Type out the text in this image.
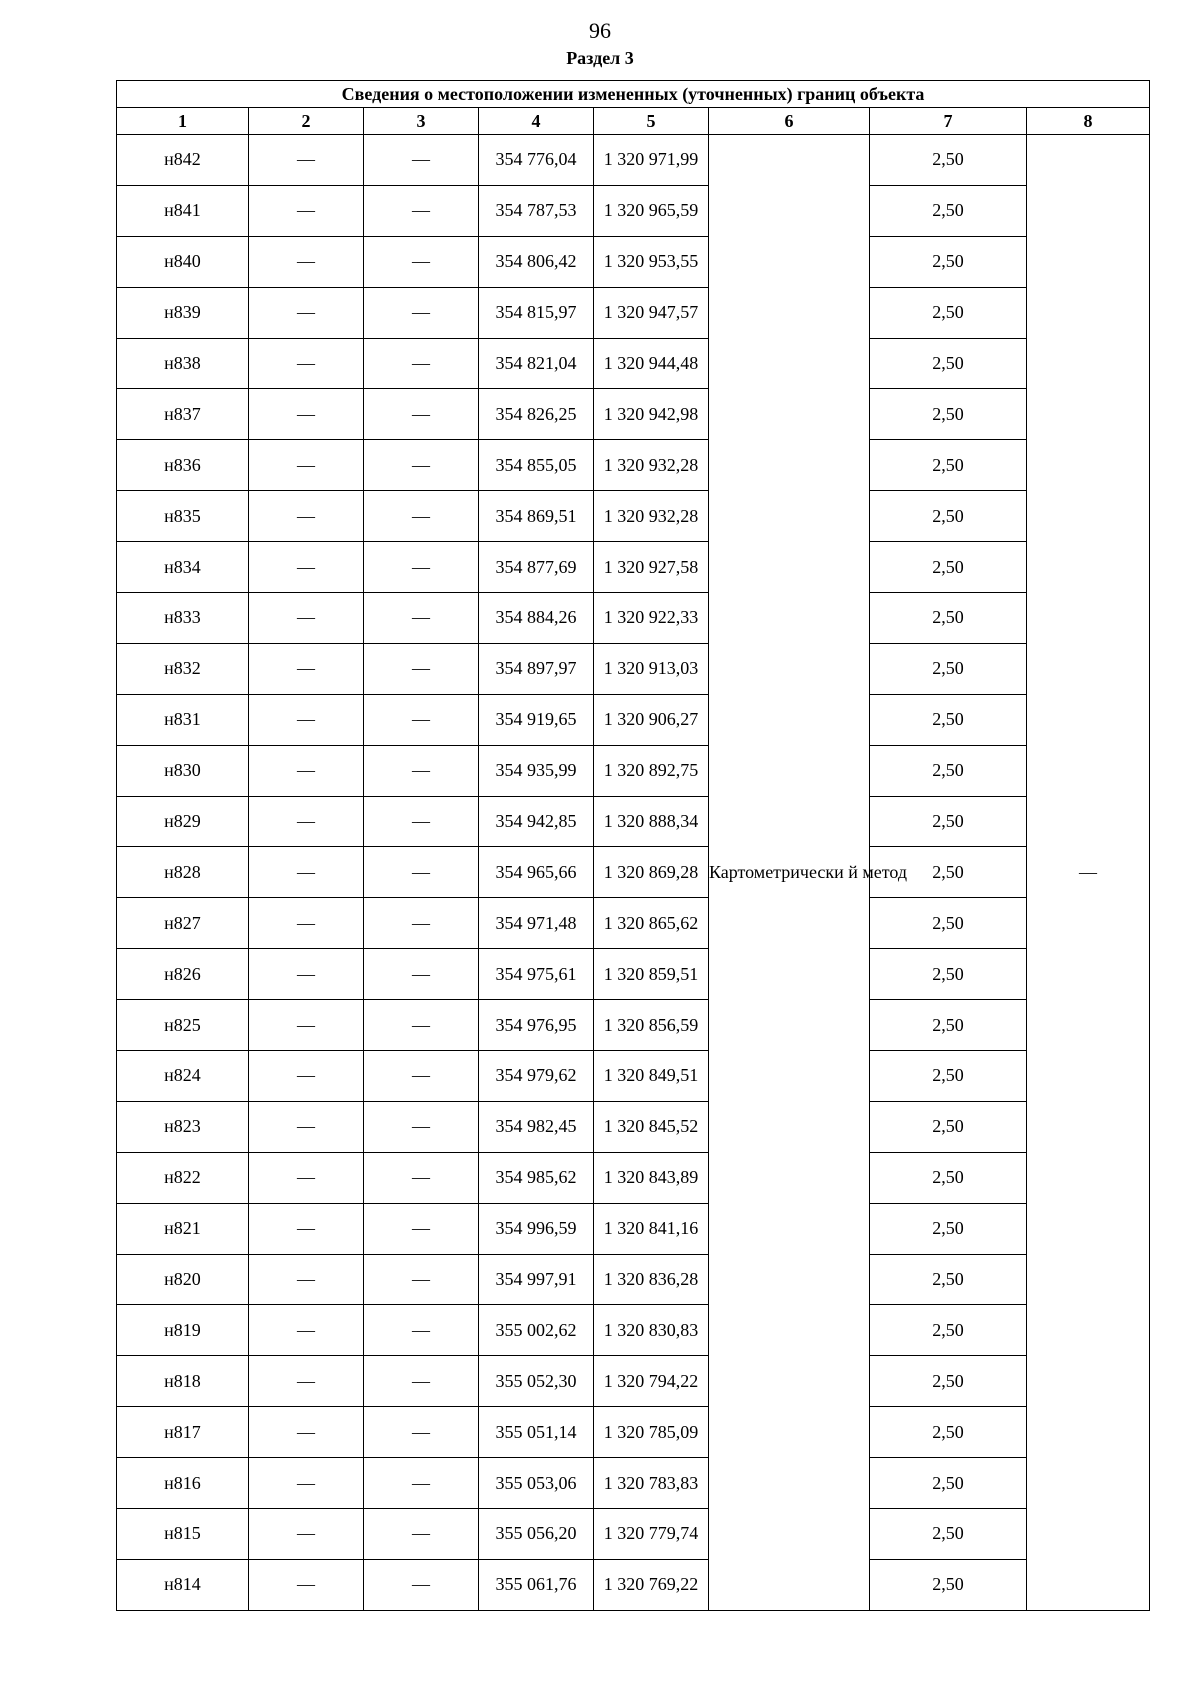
96
Раздел 3
Сведения о местоположении измененных (уточненных) границ объекта							
1	2	3	4	5	6	7	8
н842	—	—	354 776,04	1 320 971,99	Картометрически й метод	2,50	—
н841	—	—	354 787,53	1 320 965,59		2,50	
н840	—	—	354 806,42	1 320 953,55		2,50	
н839	—	—	354 815,97	1 320 947,57		2,50	
н838	—	—	354 821,04	1 320 944,48		2,50	
н837	—	—	354 826,25	1 320 942,98		2,50	
н836	—	—	354 855,05	1 320 932,28		2,50	
н835	—	—	354 869,51	1 320 932,28		2,50	
н834	—	—	354 877,69	1 320 927,58		2,50	
н833	—	—	354 884,26	1 320 922,33		2,50	
н832	—	—	354 897,97	1 320 913,03		2,50	
н831	—	—	354 919,65	1 320 906,27		2,50	
н830	—	—	354 935,99	1 320 892,75		2,50	
н829	—	—	354 942,85	1 320 888,34		2,50	
н828	—	—	354 965,66	1 320 869,28		2,50	
н827	—	—	354 971,48	1 320 865,62		2,50	
н826	—	—	354 975,61	1 320 859,51		2,50	
н825	—	—	354 976,95	1 320 856,59		2,50	
н824	—	—	354 979,62	1 320 849,51		2,50	
н823	—	—	354 982,45	1 320 845,52		2,50	
н822	—	—	354 985,62	1 320 843,89		2,50	
н821	—	—	354 996,59	1 320 841,16		2,50	
н820	—	—	354 997,91	1 320 836,28		2,50	
н819	—	—	355 002,62	1 320 830,83		2,50	
н818	—	—	355 052,30	1 320 794,22		2,50	
н817	—	—	355 051,14	1 320 785,09		2,50	
н816	—	—	355 053,06	1 320 783,83		2,50	
н815	—	—	355 056,20	1 320 779,74		2,50	
н814	—	—	355 061,76	1 320 769,22		2,50	
